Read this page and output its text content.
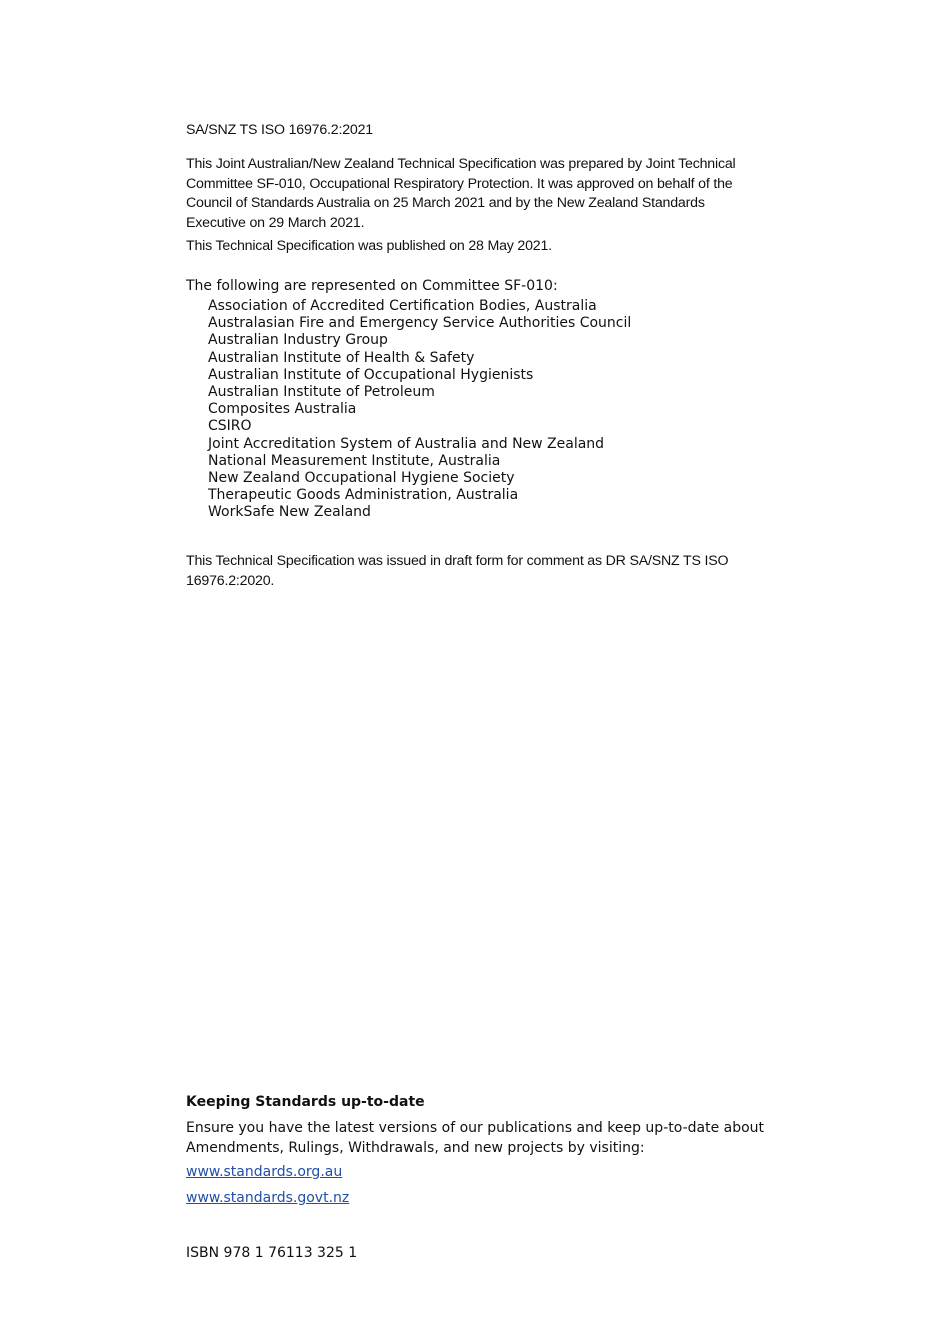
SA/SNZ TS ISO 16976.2:2021
This Joint Australian/New Zealand Technical Specification was prepared by Joint Technical Committee SF-010, Occupational Respiratory Protection. It was approved on behalf of the Council of Standards Australia on 25 March 2021 and by the New Zealand Standards Executive on 29 March 2021.
This Technical Specification was published on 28 May 2021.
The following are represented on Committee SF-010:
Association of Accredited Certification Bodies, Australia
Australasian Fire and Emergency Service Authorities Council
Australian Industry Group
Australian Institute of Health & Safety
Australian Institute of Occupational Hygienists
Australian Institute of Petroleum
Composites Australia
CSIRO
Joint Accreditation System of Australia and New Zealand
National Measurement Institute, Australia
New Zealand Occupational Hygiene Society
Therapeutic Goods Administration, Australia
WorkSafe New Zealand
This Technical Specification was issued in draft form for comment as DR SA/SNZ TS ISO 16976.2:2020.
Keeping Standards up-to-date
Ensure you have the latest versions of our publications and keep up-to-date about Amendments, Rulings, Withdrawals, and new projects by visiting:
www.standards.org.au
www.standards.govt.nz
ISBN 978 1 76113 325 1
